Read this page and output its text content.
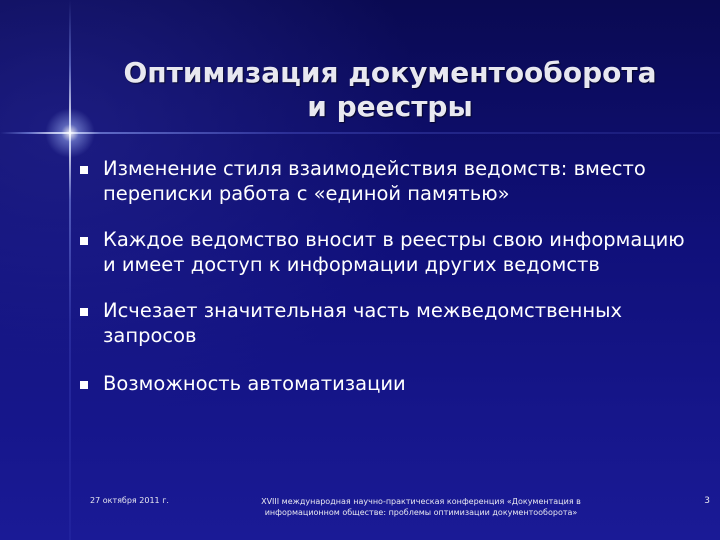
Оптимизация документооборота
и реестры
Изменение стиля взаимодействия ведомств: вместо переписки работа с «единой памятью»
Каждое ведомство вносит в реестры свою информацию и имеет доступ к информации других ведомств
Исчезает значительная часть межведомственных запросов
Возможность автоматизации
27 октября 2011 г.	XVIII международная научно-практическая конференция «Документация в
информационном обществе: проблемы оптимизации документооборота»
3
